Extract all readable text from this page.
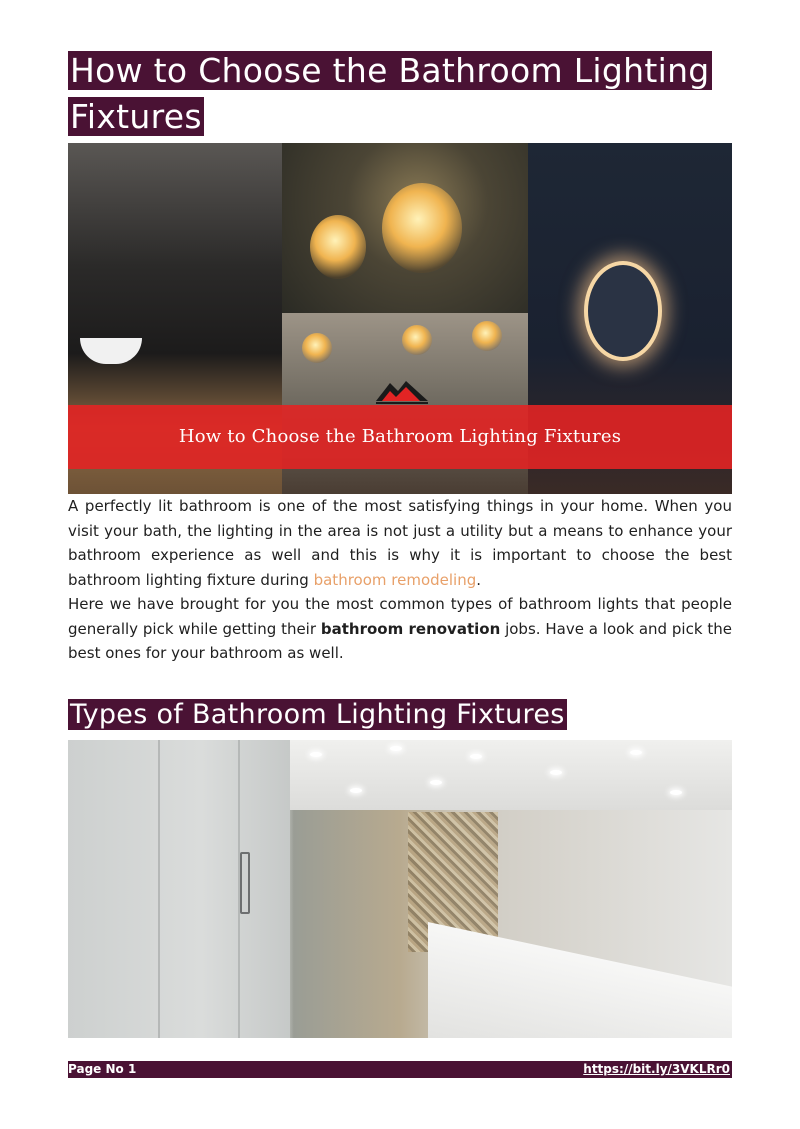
How to Choose the Bathroom Lighting Fixtures
How to Choose the Bathroom Lighting Fixtures

A perfectly lit bathroom is one of the most satisfying things in your home. When you visit your bath, the lighting in the area is not just a utility but a means to enhance your bathroom experience as well and this is why it is important to choose the best bathroom lighting fixture during bathroom remodeling.

Here we have brought for you the most common types of bathroom lights that people generally pick while getting their bathroom renovation jobs. Have a look and pick the best ones for your bathroom as well.

Types of Bathroom Lighting Fixtures
Page No 1	https://bit.ly/3VKLRr0
